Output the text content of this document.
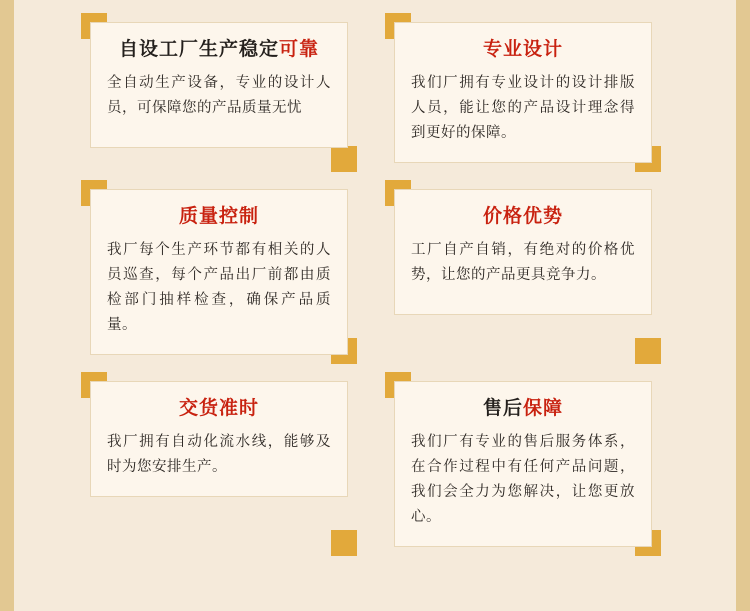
自设工厂生产稳定可靠
全自动生产设备，专业的设计人员，可保障您的产品质量无忧
专业设计
我们厂拥有专业设计的设计排版人员，能让您的产品设计理念得到更好的保障。
质量控制
我厂每个生产环节都有相关的人员巡查，每个产品出厂前都由质检部门抽样检查，确保产品质量。
价格优势
工厂自产自销，有绝对的价格优势，让您的产品更具竞争力。
交货准时
我厂拥有自动化流水线，能够及时为您安排生产。
售后保障
我们厂有专业的售后服务体系，在合作过程中有任何产品问题，我们会全力为您解决，让您更放心。
